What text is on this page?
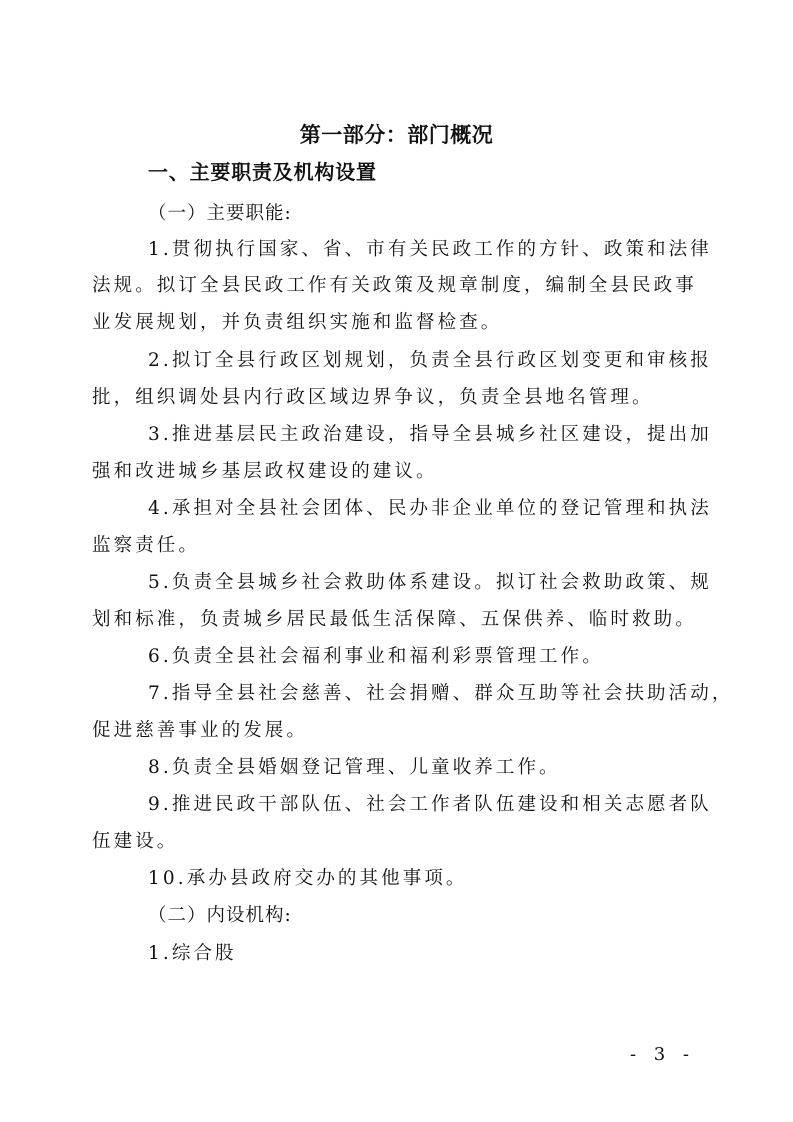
第一部分：部门概况
一、主要职责及机构设置
（一）主要职能:
1.贯彻执行国家、省、市有关民政工作的方针、政策和法律
法规。拟订全县民政工作有关政策及规章制度，编制全县民政事
业发展规划，并负责组织实施和监督检查。
2.拟订全县行政区划规划，负责全县行政区划变更和审核报
批，组织调处县内行政区域边界争议，负责全县地名管理。
3.推进基层民主政治建设，指导全县城乡社区建设，提出加
强和改进城乡基层政权建设的建议。
4.承担对全县社会团体、民办非企业单位的登记管理和执法
监察责任。
5.负责全县城乡社会救助体系建设。拟订社会救助政策、规
划和标准，负责城乡居民最低生活保障、五保供养、临时救助。
6.负责全县社会福利事业和福利彩票管理工作。
7.指导全县社会慈善、社会捐赠、群众互助等社会扶助活动，
促进慈善事业的发展。
8.负责全县婚姻登记管理、儿童收养工作。
9.推进民政干部队伍、社会工作者队伍建设和相关志愿者队
伍建设。
10.承办县政府交办的其他事项。
（二）内设机构:
1.综合股
- 3 -
